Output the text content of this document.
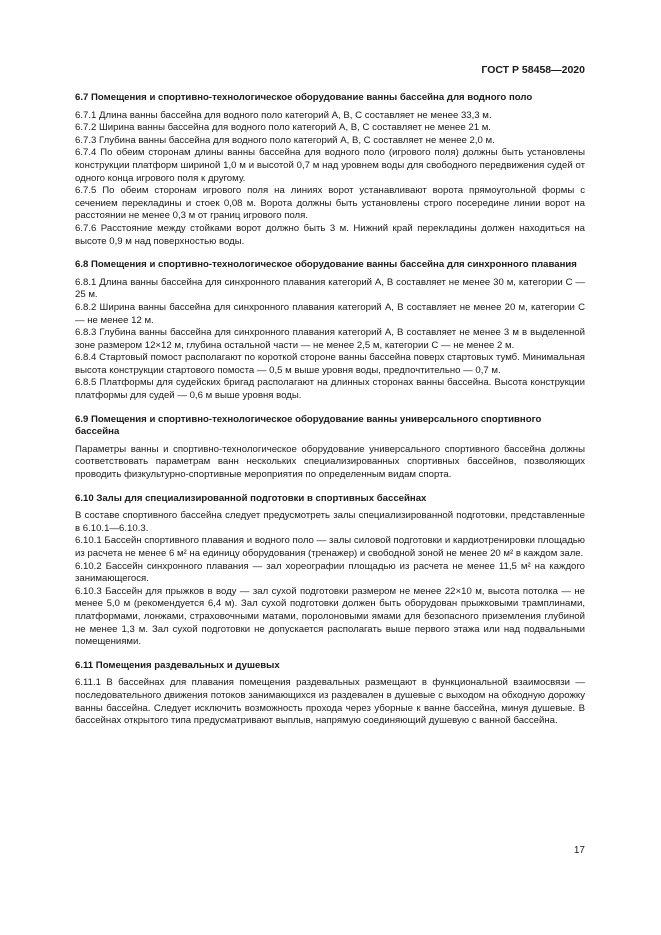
ГОСТ Р 58458—2020
6.7 Помещения и спортивно-технологическое оборудование ванны бассейна для водного поло

6.7.1 Длина ванны бассейна для водного поло категорий А, В, С составляет не менее 33,3 м.

6.7.2 Ширина ванны бассейна для водного поло категорий А, В, С составляет не менее 21 м.

6.7.3 Глубина ванны бассейна для водного поло категорий А, В, С составляет не менее 2,0 м.

6.7.4 По обеим сторонам длины ванны бассейна для водного поло (игрового поля) должны быть установлены конструкции платформ шириной 1,0 м и высотой 0,7 м над уровнем воды для свободного передвижения судей от одного конца игрового поля к другому.

6.7.5 По обеим сторонам игрового поля на линиях ворот устанавливают ворота прямоугольной формы с сечением перекладины и стоек 0,08 м. Ворота должны быть установлены строго посередине линии ворот на расстоянии не менее 0,3 м от границ игрового поля.

6.7.6 Расстояние между стойками ворот должно быть 3 м. Нижний край перекладины должен находиться на высоте 0,9 м над поверхностью воды.

6.8 Помещения и спортивно-технологическое оборудование ванны бассейна для синхронного плавания

6.8.1 Длина ванны бассейна для синхронного плавания категорий А, В составляет не менее 30 м, категории С — 25 м.

6.8.2 Ширина ванны бассейна для синхронного плавания категорий А, В составляет не менее 20 м, категории С — не менее 12 м.

6.8.3 Глубина ванны бассейна для синхронного плавания категорий А, В составляет не менее 3 м в выделенной зоне размером 12×12 м, глубина остальной части — не менее 2,5 м, категории С — не менее 2 м.

6.8.4 Стартовый помост располагают по короткой стороне ванны бассейна поверх стартовых тумб. Минимальная высота конструкции стартового помоста — 0,5 м выше уровня воды, предпочтительно — 0,7 м.

6.8.5 Платформы для судейских бригад располагают на длинных сторонах ванны бассейна. Высота конструкции платформы для судей — 0,6 м выше уровня воды.

6.9 Помещения и спортивно-технологическое оборудование ванны универсального спортивного бассейна

Параметры ванны и спортивно-технологическое оборудование универсального спортивного бассейна должны соответствовать параметрам ванн нескольких специализированных спортивных бассейнов, позволяющих проводить физкультурно-спортивные мероприятия по определенным видам спорта.

6.10 Залы для специализированной подготовки в спортивных бассейнах

В составе спортивного бассейна следует предусмотреть залы специализированной подготовки, представленные в 6.10.1—6.10.3.

6.10.1 Бассейн спортивного плавания и водного поло — залы силовой подготовки и кардиотренировки площадью из расчета не менее 6 м² на единицу оборудования (тренажер) и свободной зоной не менее 20 м² в каждом зале.

6.10.2 Бассейн синхронного плавания — зал хореографии площадью из расчета не менее 11,5 м² на каждого занимающегося.

6.10.3 Бассейн для прыжков в воду — зал сухой подготовки размером не менее 22×10 м, высота потолка — не менее 5,0 м (рекомендуется 6,4 м). Зал сухой подготовки должен быть оборудован прыжковыми трамплинами, платформами, лонжами, страховочными матами, поролоновыми ямами для безопасного приземления глубиной не менее 1,3 м. Зал сухой подготовки не допускается располагать выше первого этажа или над подвальными помещениями.

6.11 Помещения раздевальных и душевых

6.11.1 В бассейнах для плавания помещения раздевальных размещают в функциональной взаимосвязи — последовательного движения потоков занимающихся из раздевален в душевые с выходом на обходную дорожку ванны бассейна. Следует исключить возможность прохода через уборные к ванне бассейна, минуя душевые. В бассейнах открытого типа предусматривают выплыв, напрямую соединяющий душевую с ванной бассейна.

17
